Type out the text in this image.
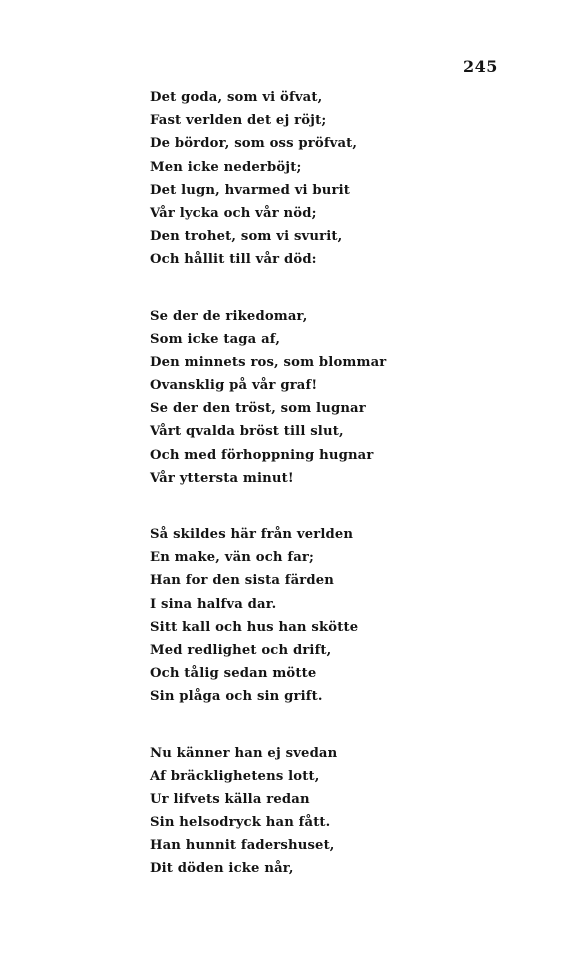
245
Det goda, som vi öfvat,
Fast verlden det ej röjt;
De bördor, som oss pröfvat,
Men icke nederböjt;
Det lugn, hvarmed vi burit
Vår lycka och vår nöd;
Den trohet, som vi svurit,
Och hållit till vår död:
Se der de rikedomar,
Som icke taga af,
Den minnets ros, som blommar
Ovansklig på vår graf!
Se der den tröst, som lugnar
Vårt qvalda bröst till slut,
Och med förhoppning hugnar
Vår yttersta minut!
Så skildes här från verlden
En make, vän och far;
Han for den sista färden
I sina halfva dar.
Sitt kall och hus han skötte
Med redlighet och drift,
Och tålig sedan mötte
Sin plåga och sin grift.
Nu känner han ej svedan
Af bräcklighetens lott,
Ur lifvets källa redan
Sin helsodryck han fått.
Han hunnit fadershuset,
Dit döden icke når,
